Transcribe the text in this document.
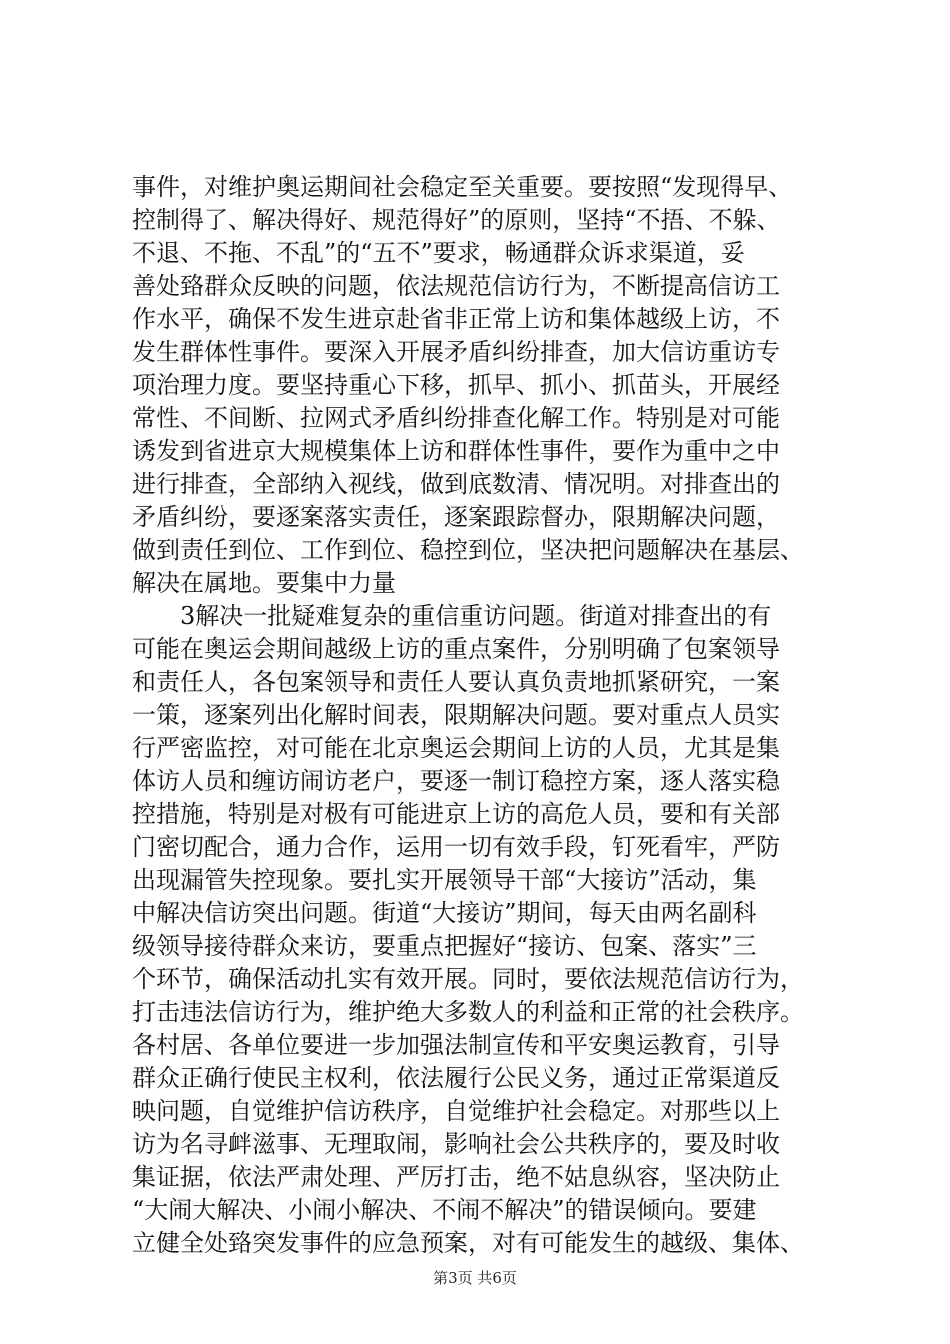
事件，对维护奥运期间社会稳定至关重要。要按照“发现得早、
控制得了、解决得好、规范得好”的原则，坚持“不捂、不躲、
不退、不拖、不乱”的“五不”要求，畅通群众诉求渠道，妥
善处臵群众反映的问题，依法规范信访行为，不断提高信访工
作水平，确保不发生进京赴省非正常上访和集体越级上访，不
发生群体性事件。要深入开展矛盾纠纷排查，加大信访重访专
项治理力度。要坚持重心下移，抓早、抓小、抓苗头，开展经
常性、不间断、拉网式矛盾纠纷排查化解工作。特别是对可能
诱发到省进京大规模集体上访和群体性事件，要作为重中之中
进行排查，全部纳入视线，做到底数清、情况明。对排查出的
矛盾纠纷，要逐案落实责任，逐案跟踪督办，限期解决问题，
做到责任到位、工作到位、稳控到位，坚决把问题解决在基层、
解决在属地。要集中力量
　　3解决一批疑难复杂的重信重访问题。街道对排查出的有
可能在奥运会期间越级上访的重点案件，分别明确了包案领导
和责任人，各包案领导和责任人要认真负责地抓紧研究，一案
一策，逐案列出化解时间表，限期解决问题。要对重点人员实
行严密监控，对可能在北京奥运会期间上访的人员，尤其是集
体访人员和缠访闹访老户，要逐一制订稳控方案，逐人落实稳
控措施，特别是对极有可能进京上访的高危人员，要和有关部
门密切配合，通力合作，运用一切有效手段，钉死看牢，严防
出现漏管失控现象。要扎实开展领导干部“大接访”活动，集
中解决信访突出问题。街道“大接访”期间，每天由两名副科
级领导接待群众来访，要重点把握好“接访、包案、落实”三
个环节，确保活动扎实有效开展。同时，要依法规范信访行为，
打击违法信访行为，维护绝大多数人的利益和正常的社会秩序。
各村居、各单位要进一步加强法制宣传和平安奥运教育，引导
群众正确行使民主权利，依法履行公民义务，通过正常渠道反
映问题，自觉维护信访秩序，自觉维护社会稳定。对那些以上
访为名寻衅滋事、无理取闹，影响社会公共秩序的，要及时收
集证据，依法严肃处理、严厉打击，绝不姑息纵容，坚决防止
“大闹大解决、小闹小解决、不闹不解决”的错误倾向。要建
立健全处臵突发事件的应急预案，对有可能发生的越级、集体、
第3页 共6页
